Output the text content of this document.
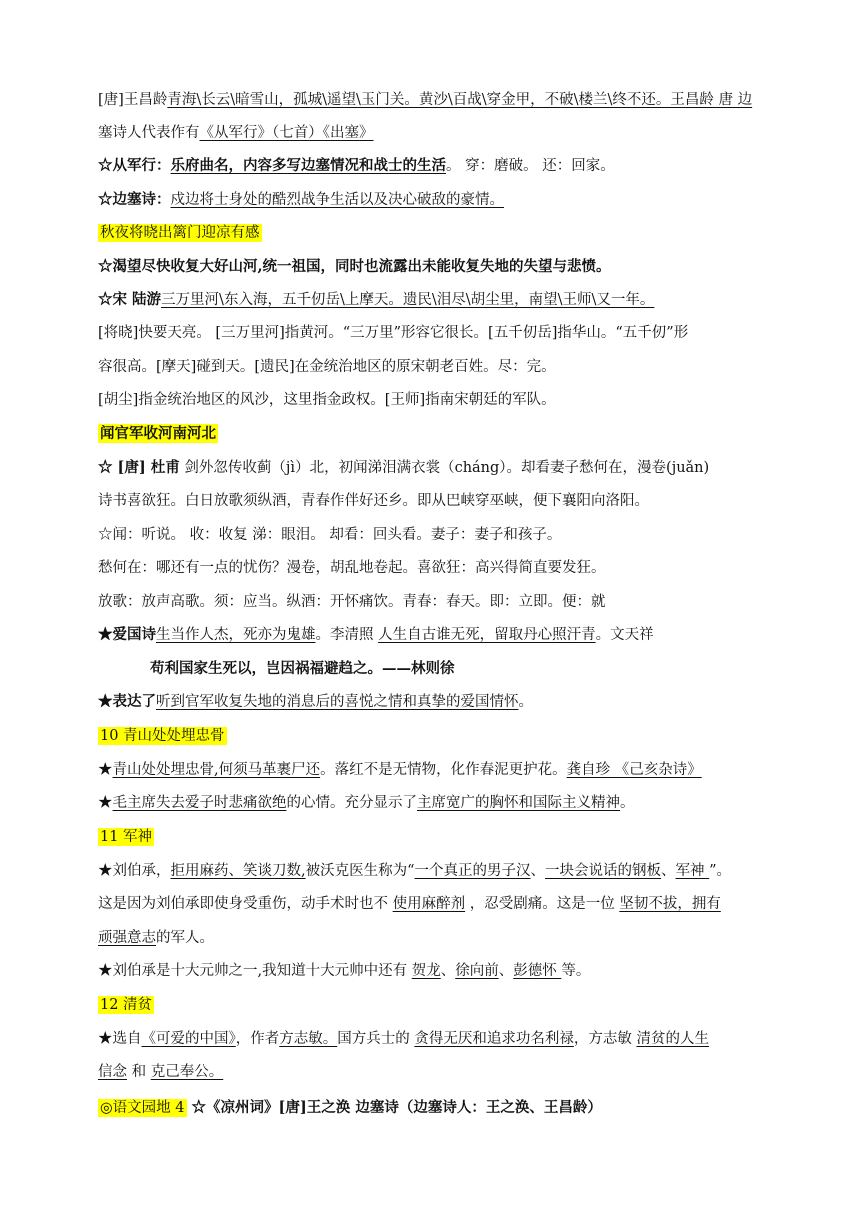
[唐]王昌龄青海\长云\暗雪山，孤城\遥望\玉门关。黄沙\百战\穿金甲，不破\楼兰\终不还。王昌龄 唐 边
塞诗人代表作有《从军行》（七首）《出塞》
☆从军行：乐府曲名，内容多写边塞情况和战士的生活。 穿：磨破。 还：回家。
☆边塞诗：戍边将士身处的酷烈战争生活以及决心破敌的豪情。
秋夜将晓出篱门迎凉有感
☆渴望尽快收复大好山河,统一祖国，同时也流露出未能收复失地的失望与悲愤。
☆宋 陆游三万里河\东入海，五千仞岳\上摩天。遗民\泪尽\胡尘里，南望\王师\又一年。
[将晓]快要天亮。 [三万里河]指黄河。“三万里”形容它很长。[五千仞岳]指华山。“五千仞”形
容很高。[摩天]碰到天。[遗民]在金统治地区的原宋朝老百姓。尽：完。
[胡尘]指金统治地区的风沙，这里指金政权。[王师]指南宋朝廷的军队。
闻官军收河南河北
☆ [唐] 杜甫 剑外忽传收蓟（jì）北，初闻涕泪满衣裳（cháng）。却看妻子愁何在，漫卷(juǎn)
诗书喜欲狂。白日放歌须纵酒，青春作伴好还乡。即从巴峡穿巫峡，便下襄阳向洛阳。
☆闻：听说。 收：收复 涕：眼泪。 却看：回头看。妻子：妻子和孩子。
愁何在：哪还有一点的忧伤？漫卷，胡乱地卷起。喜欲狂：高兴得简直要发狂。
放歌：放声高歌。须：应当。纵酒：开怀痛饮。青春：春天。即：立即。便：就
★爱国诗生当作人杰，死亦为鬼雄。李清照 人生自古谁无死，留取丹心照汗青。文天祥
苟利国家生死以，岂因祸福避趋之。——林则徐
★表达了听到官军收复失地的消息后的喜悦之情和真挚的爱国情怀。
10 青山处处埋忠骨
★青山处处埋忠骨,何须马革裹尸还。落红不是无情物，化作春泥更护花。龚自珍 《己亥杂诗》
★毛主席失去爱子时悲痛欲绝的心情。充分显示了主席宽广的胸怀和国际主义精神。
11 军神
★刘伯承，拒用麻药、笑谈刀数,被沃克医生称为“一个真正的男子汉、一块会说话的钢板、军神 ”。
这是因为刘伯承即使身受重伤，动手术时也不 使用麻醉剂 ，忍受剧痛。这是一位 坚韧不拔，拥有
顽强意志的军人。
★刘伯承是十大元帅之一,我知道十大元帅中还有 贺龙、徐向前、彭德怀 等。
12 清贫
★选自《可爱的中国》，作者方志敏。国方兵士的 贪得无厌和追求功名利禄，方志敏 清贫的人生
信念 和 克己奉公。
◎语文园地 4 ☆《凉州词》[唐]王之涣 边塞诗（边塞诗人：王之涣、王昌龄）
